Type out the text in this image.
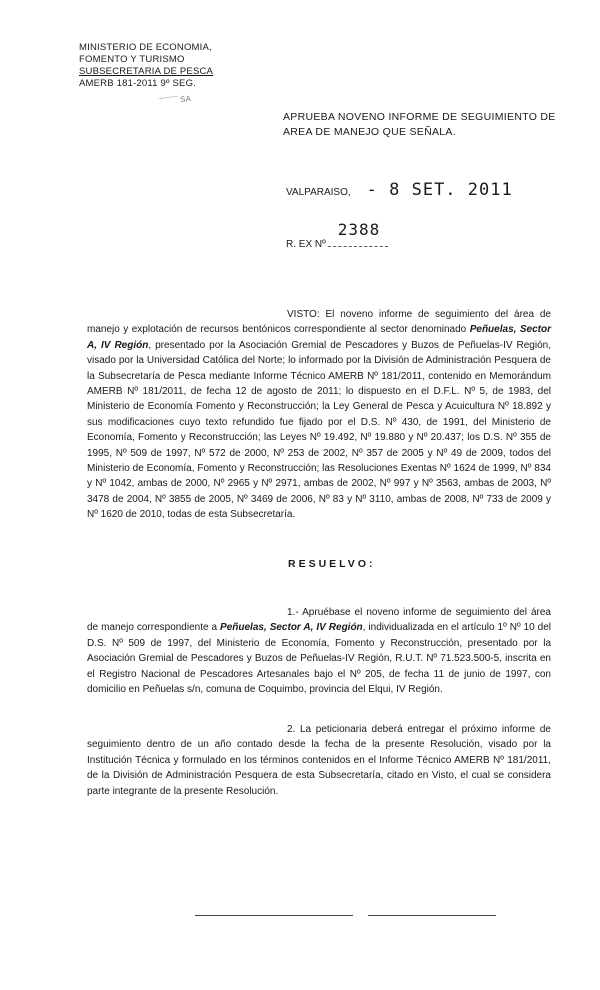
MINISTERIO DE ECONOMIA,
FOMENTO Y TURISMO
SUBSECRETARIA DE PESCA
AMERB 181-2011 9º SEG.
SA
APRUEBA NOVENO INFORME DE SEGUIMIENTO DE AREA DE MANEJO QUE SEÑALA.
VALPARAISO, - 8 SET. 2011
R. EX Nº
2388
VISTO: El noveno informe de seguimiento del área de manejo y explotación de recursos bentónicos correspondiente al sector denominado Peñuelas, Sector A, IV Región, presentado por la Asociación Gremial de Pescadores y Buzos de Peñuelas-IV Región, visado por la Universidad Católica del Norte; lo informado por la División de Administración Pesquera de la Subsecretaría de Pesca mediante Informe Técnico AMERB Nº 181/2011, contenido en Memorándum AMERB Nº 181/2011, de fecha 12 de agosto de 2011; lo dispuesto en el D.F.L. Nº 5, de 1983, del Ministerio de Economía Fomento y Reconstrucción; la Ley General de Pesca y Acuicultura Nº 18.892 y sus modificaciones cuyo texto refundido fue fijado por el D.S. Nº 430, de 1991, del Ministerio de Economía, Fomento y Reconstrucción; las Leyes Nº 19.492, Nº 19.880 y Nº 20.437; los D.S. Nº 355 de 1995, Nº 509 de 1997, Nº 572 de 2000, Nº 253 de 2002, Nº 357 de 2005 y Nº 49 de 2009, todos del Ministerio de Economía, Fomento y Reconstrucción; las Resoluciones Exentas Nº 1624 de 1999, Nº 834 y Nº 1042, ambas de 2000, Nº 2965 y Nº 2971, ambas de 2002, Nº 997 y Nº 3563, ambas de 2003, Nº 3478 de 2004, Nº 3855 de 2005, Nº 3469 de 2006, Nº 83 y Nº 3110, ambas de 2008, Nº 733 de 2009 y Nº 1620 de 2010, todas de esta Subsecretaría.
RESUELVO:
1.- Apruébase el noveno informe de seguimiento del área de manejo correspondiente a Peñuelas, Sector A, IV Región, individualizada en el artículo 1º Nº 10 del D.S. Nº 509 de 1997, del Ministerio de Economía, Fomento y Reconstrucción, presentado por la Asociación Gremial de Pescadores y Buzos de Peñuelas-IV Región, R.U.T. Nº 71.523.500-5, inscrita en el Registro Nacional de Pescadores Artesanales bajo el Nº 205, de fecha 11 de junio de 1997, con domicilio en Peñuelas s/n, comuna de Coquimbo, provincia del Elqui, IV Región.
2. La peticionaria deberá entregar el próximo informe de seguimiento dentro de un año contado desde la fecha de la presente Resolución, visado por la Institución Técnica y formulado en los términos contenidos en el Informe Técnico AMERB Nº 181/2011, de la División de Administración Pesquera de esta Subsecretaría, citado en Visto, el cual se considera parte integrante de la presente Resolución.
